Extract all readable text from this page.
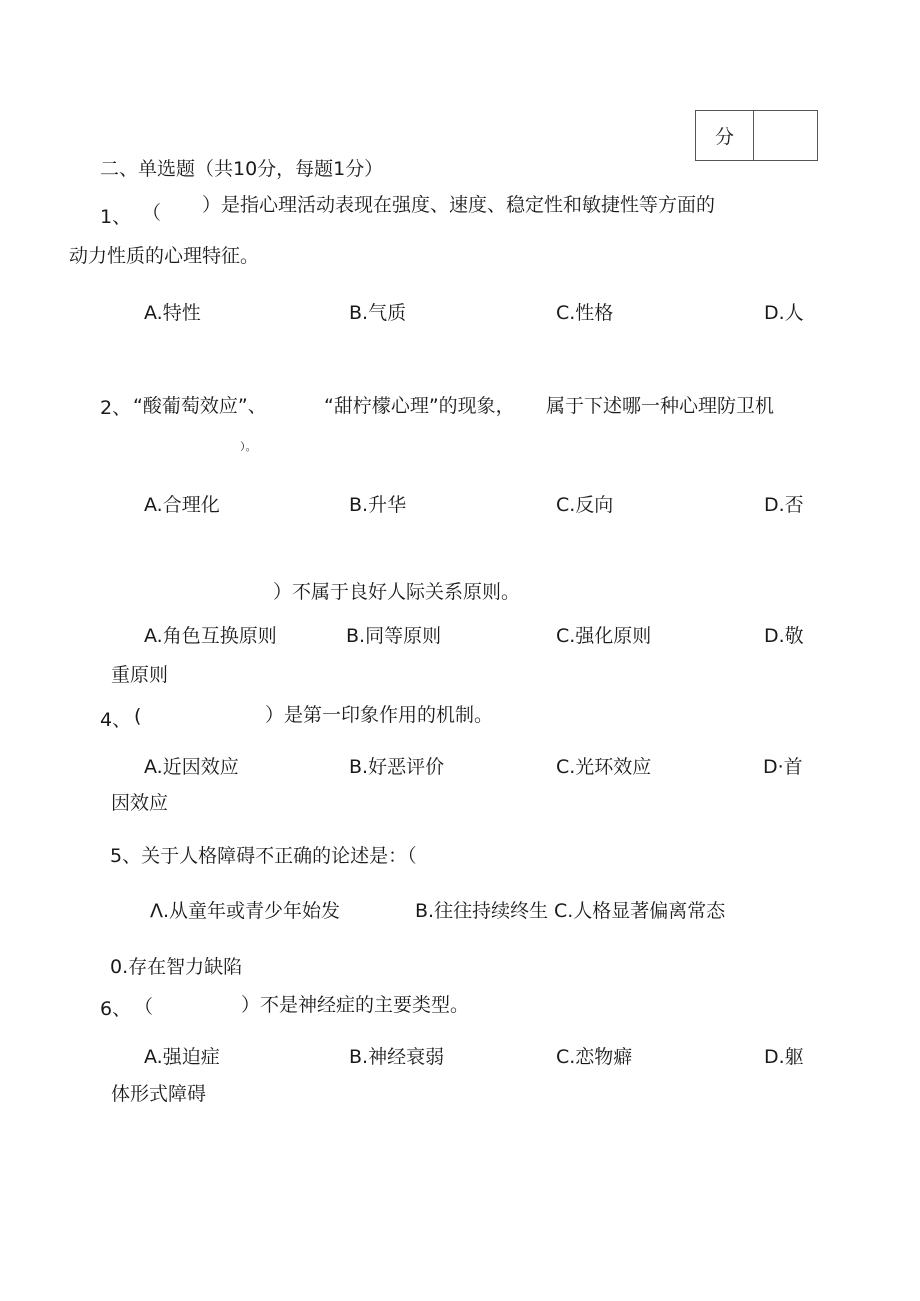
分
二、单选题（共10分，每题1分）
1、 （ ）是指心理活动表现在强度、速度、稳定性和敏捷性等方面的
动力性质的心理特征。
A.特性	B.气质	C.性格	D.人
2、 “酸葡萄效应”、	“甜柠檬心理”的现象， 属于下述哪一种心理防卫机
）。
A.合理化	B.升华	C.反向	D.否
）不属于良好人际关系原则。
A.角色互换原则	B.同等原则	C.强化原则	D.敬
重原则
4、 (	）是第一印象作用的机制。
A.近因效应	B.好恶评价	C.光环效应	D·首
因效应
5、关于人格障碍不正确的论述是：（
Λ.从童年或青少年始发	B.往往持续终生 C.人格显著偏离常态
0.存在智力缺陷
6、 （	）不是神经症的主要类型。
A.强迫症	B.神经衰弱	C.恋物癖	D.躯
体形式障碍
